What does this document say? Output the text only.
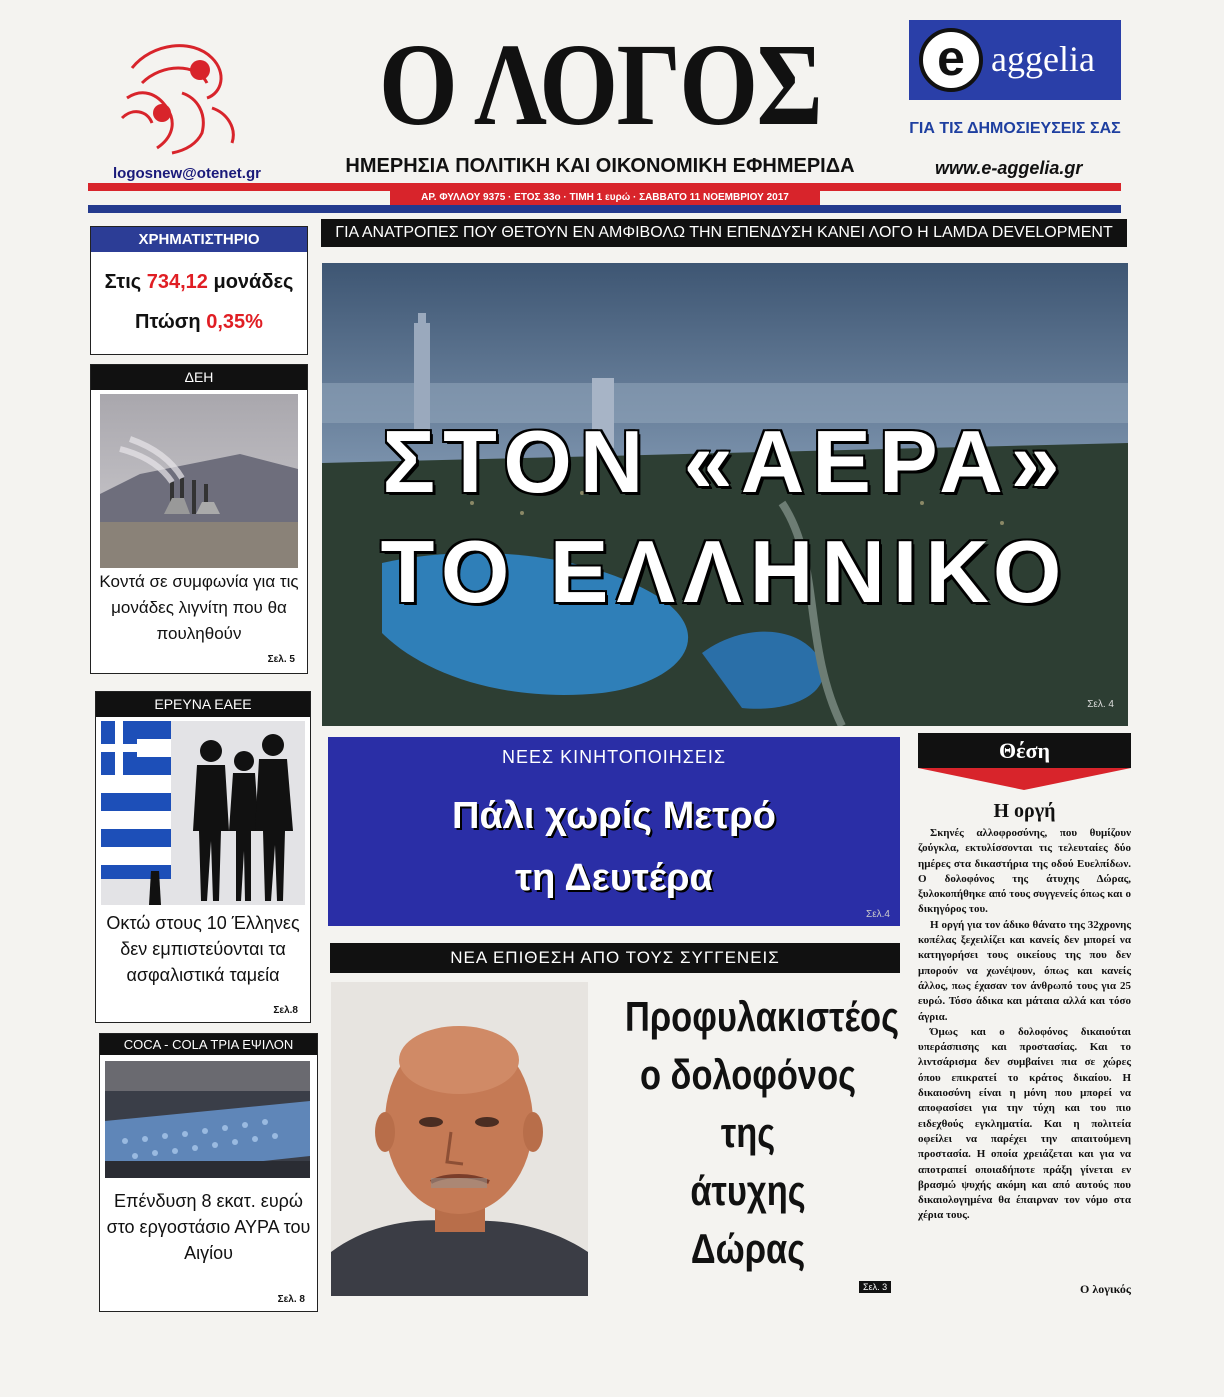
logosnew@otenet.gr
Ο ΛΟΓΟΣ
ΗΜΕΡΗΣΙΑ ΠΟΛΙΤΙΚΗ ΚΑΙ ΟΙΚΟΝΟΜΙΚΗ ΕΦΗΜΕΡΙΔΑ
e aggelia
ΓΙΑ ΤΙΣ ΔΗΜΟΣΙΕΥΣΕΙΣ ΣΑΣ
www.e-aggelia.gr
ΑΡ. ΦΥΛΛΟΥ 9375 · ΕΤΟΣ 33ο · ΤΙΜΗ 1 ευρώ · ΣΑΒΒΑΤΟ 11 ΝΟΕΜΒΡΙΟΥ 2017
ΧΡΗΜΑΤΙΣΤΗΡΙΟ
Στις 734,12 μονάδες
Πτώση 0,35%
ΔΕΗ
Κοντά σε συμφωνία για τις μονάδες λιγνίτη που θα πουληθούν
Σελ. 5
ΕΡΕΥΝΑ ΕΑΕΕ
Οκτώ στους 10 Έλληνες δεν εμπιστεύονται τα ασφαλιστικά ταμεία
Σελ.8
COCA - COLA ΤΡΙΑ ΕΨΙΛΟΝ
Επένδυση 8 εκατ. ευρώ στο εργοστάσιο ΑΥΡΑ του Αιγίου
Σελ. 8
ΓΙΑ ΑΝΑΤΡΟΠΕΣ ΠΟΥ ΘΕΤΟΥΝ ΕΝ ΑΜΦΙΒΟΛΩ ΤΗΝ ΕΠΕΝΔΥΣΗ ΚΑΝΕΙ ΛΟΓΟ Η LAMDA DEVELOPMENT
ΣΤΟΝ «ΑΕΡΑ»
ΤΟ ΕΛΛΗΝΙΚΟ
Σελ. 4
ΝΕΕΣ ΚΙΝΗΤΟΠΟΙΗΣΕΙΣ
Πάλι χωρίς Μετρό
τη Δευτέρα
Σελ.4
ΝΕΑ ΕΠΙΘΕΣΗ ΑΠΟ ΤΟΥΣ ΣΥΓΓΕΝΕΙΣ
Προφυλακιστέος
ο δολοφόνος
της
άτυχης
Δώρας
Σελ. 3
Θέση
Η οργή

Σκηνές αλλοφροσύνης, που θυμίζουν ζούγκλα, εκτυλίσσονται τις τελευταίες δύο ημέρες στα δικαστήρια της οδού Ευελπίδων. Ο δολοφόνος της άτυχης Δώρας, ξυλοκοπήθηκε από τους συγγενείς όπως και ο δικηγόρος του.

Η οργή για τον άδικο θάνατο της 32χρονης κοπέλας ξεχειλίζει και κανείς δεν μπορεί να κατηγορήσει τους οικείους της που δεν μπορούν να χωνέψουν, όπως και κανείς άλλος, πως έχασαν τον άνθρωπό τους για 25 ευρώ. Τόσο άδικα και μάταια αλλά και τόσο άγρια.

Όμως και ο δολοφόνος δικαιούται υπεράσπισης και προστασίας. Και το λιντσάρισμα δεν συμβαίνει πια σε χώρες όπου επικρατεί το κράτος δικαίου. Η δικαιοσύνη είναι η μόνη που μπορεί να αποφασίσει για την τύχη και του πιο ειδεχθούς εγκληματία. Και η πολιτεία οφείλει να παρέχει την απαιτούμενη προστασία. Η οποία χρειάζεται και για να αποτραπεί οποιαδήποτε πράξη γίνεται εν βρασμώ ψυχής ακόμη και από αυτούς που δικαιολογημένα θα έπαιρναν τον νόμο στα χέρια τους.

Ο λογικός
